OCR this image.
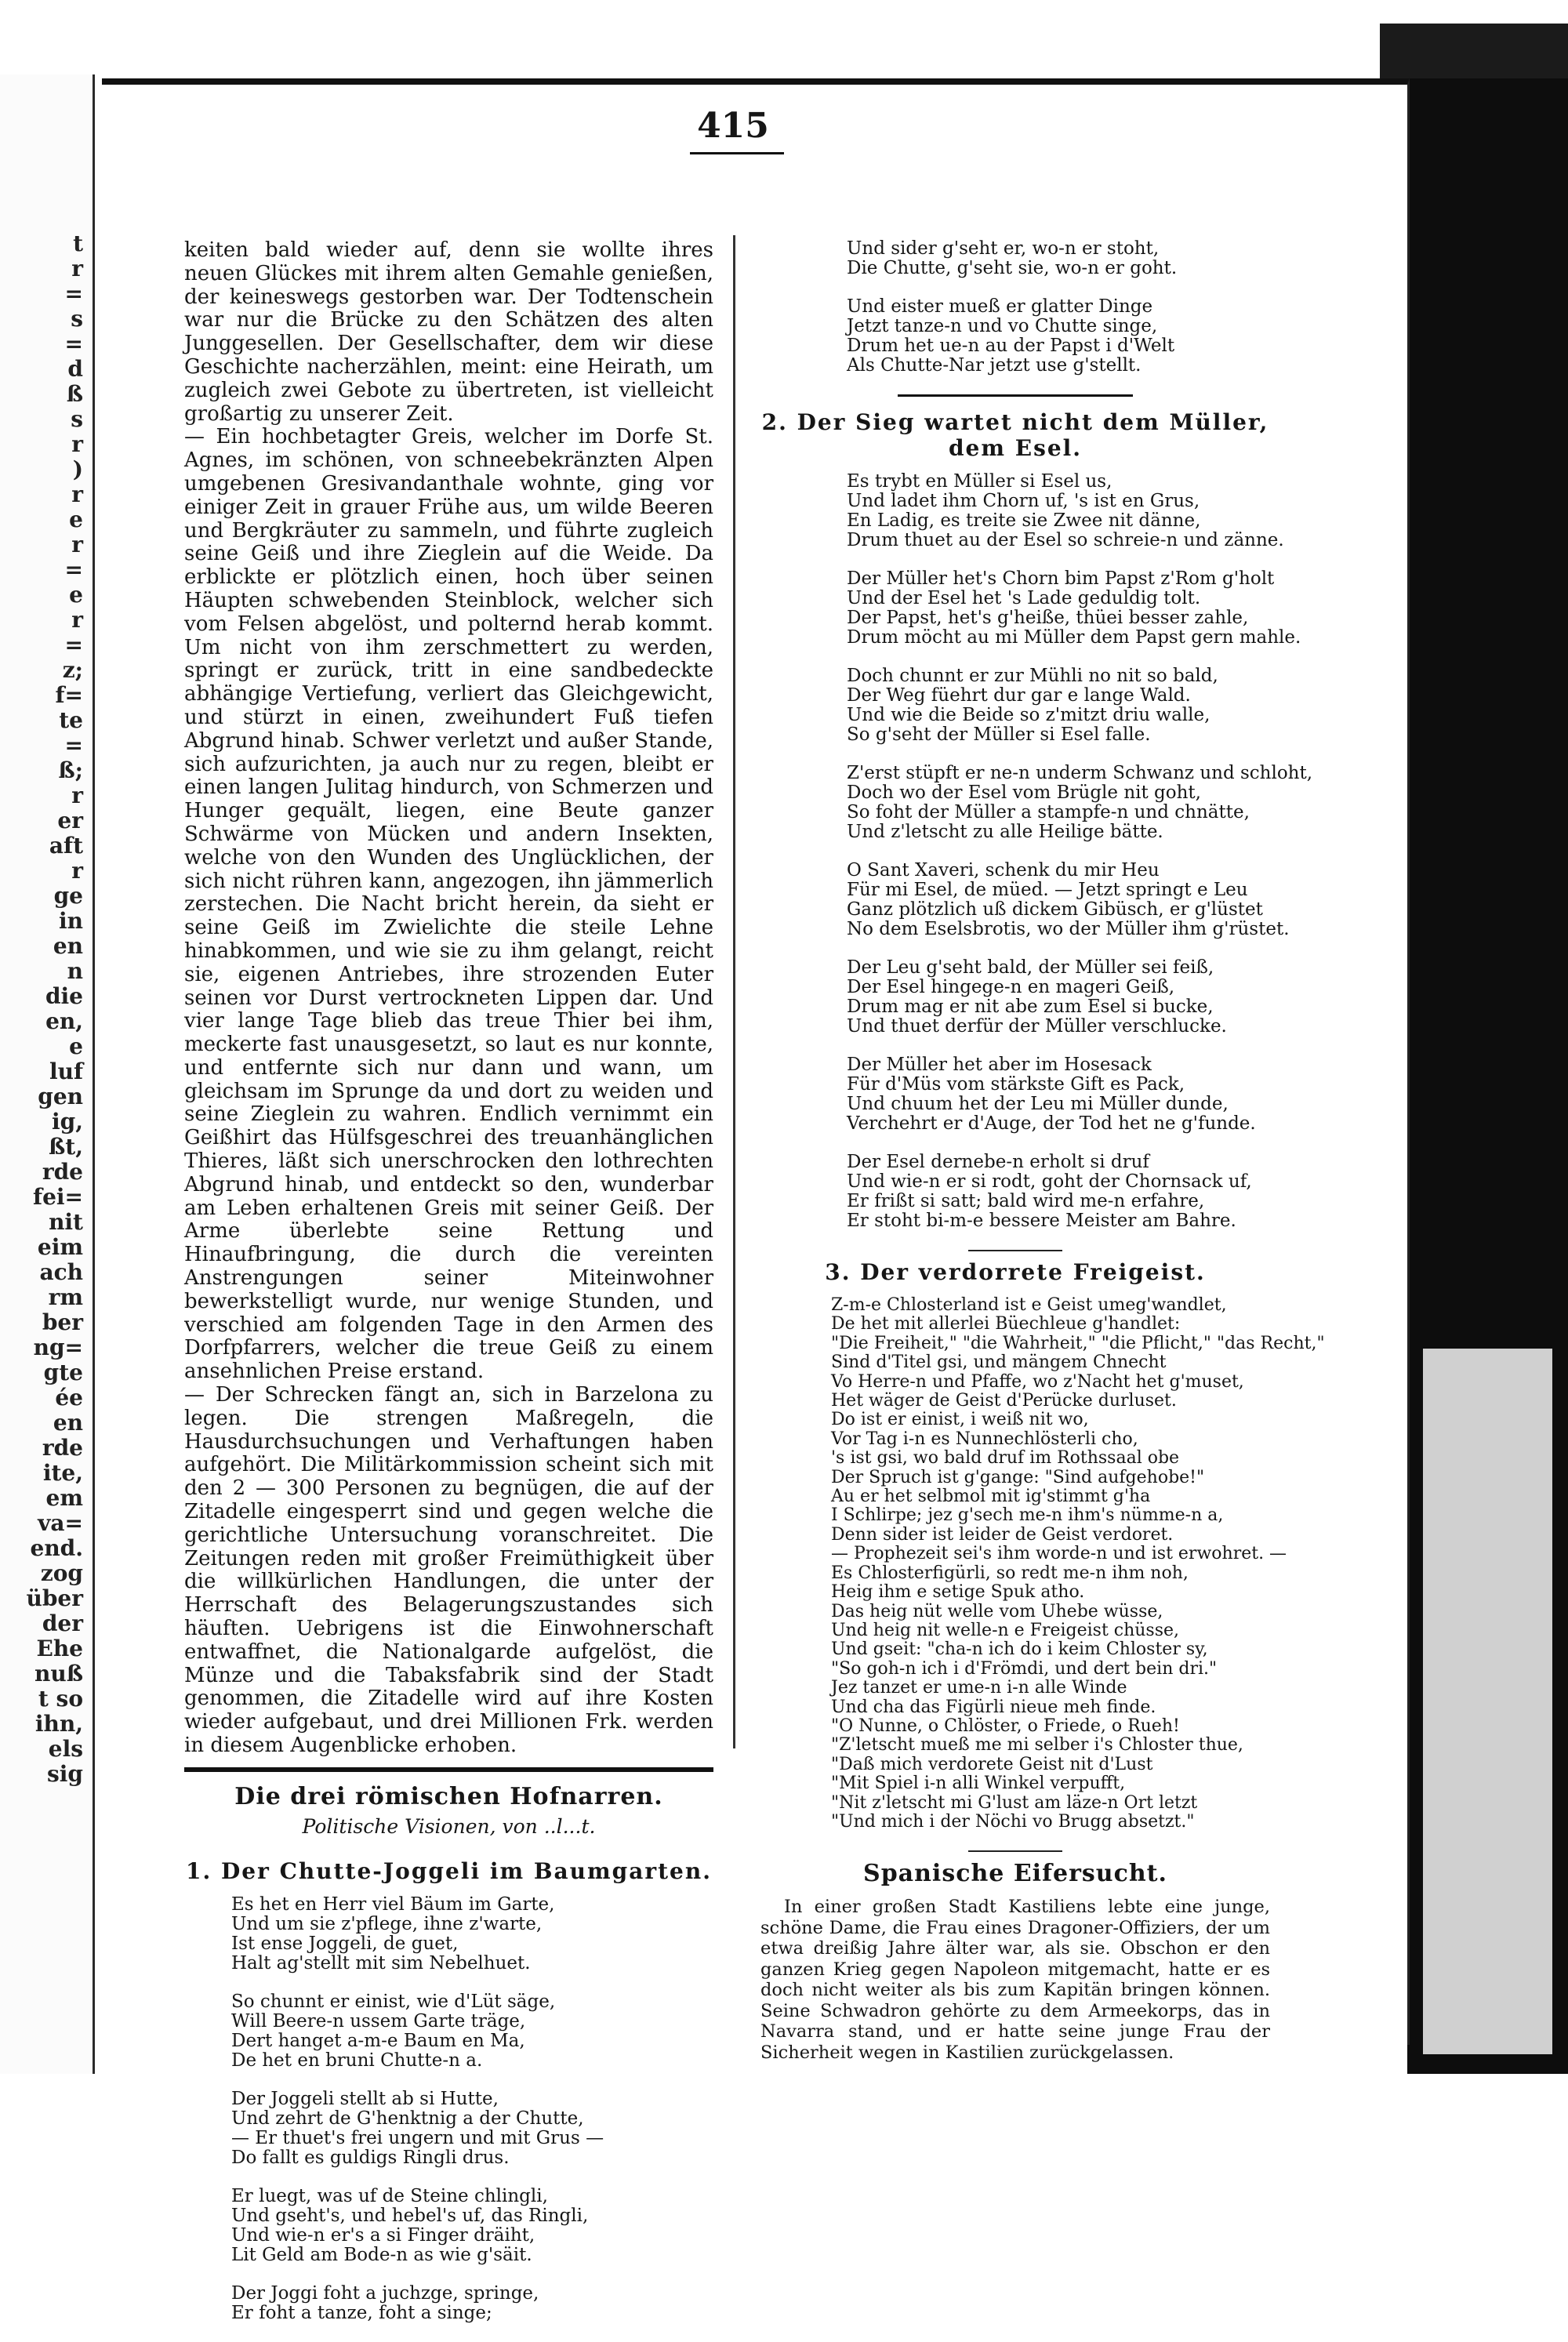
t
r
=
s
=
d
ß
s
r
)
r
e
r
=
e
r
=
z;
f=
te
=
ß;
r
er
aft
r
ge
in
en
n
die
en,
e
luf
gen
ig,
ßt,
rde
fei=
nit
eim
ach
rm
ber
ng=
gte
ée
en
rde
ite,
em
va=
end.
zog
über
der
Ehe
nuß
t so
ihn,
els
sig
415

keiten bald wieder auf, denn sie wollte ihres neuen Glückes mit ihrem alten Gemahle genießen, der keineswegs gestorben war. Der Todtenschein war nur die Brücke zu den Schätzen des alten Junggesellen. Der Gesellschafter, dem wir diese Geschichte nacherzählen, meint: eine Heirath, um zugleich zwei Gebote zu übertreten, ist vielleicht großartig zu unserer Zeit.

— Ein hochbetagter Greis, welcher im Dorfe St. Agnes, im schönen, von schneebekränzten Alpen umgebenen Gresivandanthale wohnte, ging vor einiger Zeit in grauer Frühe aus, um wilde Beeren und Bergkräuter zu sammeln, und führte zugleich seine Geiß und ihre Zieglein auf die Weide. Da erblickte er plötzlich einen, hoch über seinen Häupten schwebenden Steinblock, welcher sich vom Felsen abgelöst, und polternd herab kommt. Um nicht von ihm zerschmettert zu werden, springt er zurück, tritt in eine sandbedeckte abhängige Vertiefung, verliert das Gleichgewicht, und stürzt in einen, zweihundert Fuß tiefen Abgrund hinab. Schwer verletzt und außer Stande, sich aufzurichten, ja auch nur zu regen, bleibt er einen langen Julitag hindurch, von Schmerzen und Hunger gequält, liegen, eine Beute ganzer Schwärme von Mücken und andern Insekten, welche von den Wunden des Unglücklichen, der sich nicht rühren kann, angezogen, ihn jämmerlich zerstechen. Die Nacht bricht herein, da sieht er seine Geiß im Zwielichte die steile Lehne hinabkommen, und wie sie zu ihm gelangt, reicht sie, eigenen Antriebes, ihre strozenden Euter seinen vor Durst vertrockneten Lippen dar. Und vier lange Tage blieb das treue Thier bei ihm, meckerte fast unausgesetzt, so laut es nur konnte, und entfernte sich nur dann und wann, um gleichsam im Sprunge da und dort zu weiden und seine Zieglein zu wahren. Endlich vernimmt ein Geißhirt das Hülfsgeschrei des treuanhänglichen Thieres, läßt sich unerschrocken den lothrechten Abgrund hinab, und entdeckt so den, wunderbar am Leben erhaltenen Greis mit seiner Geiß. Der Arme überlebte seine Rettung und Hinaufbringung, die durch die vereinten Anstrengungen seiner Miteinwohner bewerkstelligt wurde, nur wenige Stunden, und verschied am folgenden Tage in den Armen des Dorfpfarrers, welcher die treue Geiß zu einem ansehnlichen Preise erstand.

— Der Schrecken fängt an, sich in Barzelona zu legen. Die strengen Maßregeln, die Hausdurchsuchungen und Verhaftungen haben aufgehört. Die Militärkommission scheint sich mit den 2 — 300 Personen zu begnügen, die auf der Zitadelle eingesperrt sind und gegen welche die gerichtliche Untersuchung voranschreitet. Die Zeitungen reden mit großer Freimüthigkeit über die willkürlichen Handlungen, die unter der Herrschaft des Belagerungszustandes sich häuften. Uebrigens ist die Einwohnerschaft entwaffnet, die Nationalgarde aufgelöst, die Münze und die Tabaksfabrik sind der Stadt genommen, die Zitadelle wird auf ihre Kosten wieder aufgebaut, und drei Millionen Frk. werden in diesem Augenblicke erhoben.

Die drei römischen Hofnarren.

Politische Visionen, von ..l...t.

1. Der Chutte-Joggeli im Baumgarten.

Es het en Herr viel Bäum im Garte,
Und um sie z'pflege, ihne z'warte,
Ist ense Joggeli, de guet,
Halt ag'stellt mit sim Nebelhuet.
So chunnt er einist, wie d'Lüt säge,
Will Beere-n ussem Garte träge,
Dert hanget a-m-e Baum en Ma,
De het en bruni Chutte-n a.
Der Joggeli stellt ab si Hutte,
Und zehrt de G'henktnig a der Chutte,
— Er thuet's frei ungern und mit Grus —
Do fallt es guldigs Ringli drus.
Er luegt, was uf de Steine chlingli,
Und gseht's, und hebel's uf, das Ringli,
Und wie-n er's a si Finger dräiht,
Lit Geld am Bode-n as wie g'säit.
Der Joggi foht a juchzge, springe,
Er foht a tanze, foht a singe;
Und sider g'seht er, wo-n er stoht,
Die Chutte, g'seht sie, wo-n er goht.
Und eister mueß er glatter Dinge
Jetzt tanze-n und vo Chutte singe,
Drum het ue-n au der Papst i d'Welt
Als Chutte-Nar jetzt use g'stellt.

2. Der Sieg wartet nicht dem Müller, dem Esel.

Es trybt en Müller si Esel us,
Und ladet ihm Chorn uf, 's ist en Grus,
En Ladig, es treite sie Zwee nit dänne,
Drum thuet au der Esel so schreie-n und zänne.
Der Müller het's Chorn bim Papst z'Rom g'holt
Und der Esel het 's Lade geduldig tolt.
Der Papst, het's g'heiße, thüei besser zahle,
Drum möcht au mi Müller dem Papst gern mahle.
Doch chunnt er zur Mühli no nit so bald,
Der Weg füehrt dur gar e lange Wald.
Und wie die Beide so z'mitzt driu walle,
So g'seht der Müller si Esel falle.
Z'erst stüpft er ne-n underm Schwanz und schloht,
Doch wo der Esel vom Brügle nit goht,
So foht der Müller a stampfe-n und chnätte,
Und z'letscht zu alle Heilige bätte.
O Sant Xaveri, schenk du mir Heu
Für mi Esel, de müed. — Jetzt springt e Leu
Ganz plötzlich uß dickem Gibüsch, er g'lüstet
No dem Eselsbrotis, wo der Müller ihm g'rüstet.
Der Leu g'seht bald, der Müller sei feiß,
Der Esel hingege-n en mageri Geiß,
Drum mag er nit abe zum Esel si bucke,
Und thuet derfür der Müller verschlucke.
Der Müller het aber im Hosesack
Für d'Müs vom stärkste Gift es Pack,
Und chuum het der Leu mi Müller dunde,
Verchehrt er d'Auge, der Tod het ne g'funde.
Der Esel dernebe-n erholt si druf
Und wie-n er si rodt, goht der Chornsack uf,
Er frißt si satt; bald wird me-n erfahre,
Er stoht bi-m-e bessere Meister am Bahre.

3. Der verdorrete Freigeist.

Z-m-e Chlosterland ist e Geist umeg'wandlet,
De het mit allerlei Büechleue g'handlet:
"Die Freiheit," "die Wahrheit," "die Pflicht," "das Recht,"
Sind d'Titel gsi, und mängem Chnecht
Vo Herre-n und Pfaffe, wo z'Nacht het g'muset,
Het wäger de Geist d'Perücke durluset.
Do ist er einist, i weiß nit wo,
Vor Tag i-n es Nunnechlösterli cho,
's ist gsi, wo bald druf im Rothssaal obe
Der Spruch ist g'gange: "Sind aufgehobe!"
Au er het selbmol mit ig'stimmt g'ha
I Schlirpe; jez g'sech me-n ihm's nümme-n a,
Denn sider ist leider de Geist verdoret.
— Prophezeit sei's ihm worde-n und ist erwohret. —
Es Chlosterfigürli, so redt me-n ihm noh,
Heig ihm e setige Spuk atho.
Das heig nüt welle vom Uhebe wüsse,
Und heig nit welle-n e Freigeist chüsse,
Und gseit: "cha-n ich do i keim Chloster sy,
"So goh-n ich i d'Frömdi, und dert bein dri."
Jez tanzet er ume-n i-n alle Winde
Und cha das Figürli nieue meh finde.
"O Nunne, o Chlöster, o Friede, o Rueh!
"Z'letscht mueß me mi selber i's Chloster thue,
"Daß mich verdorete Geist nit d'Lust
"Mit Spiel i-n alli Winkel verpufft,
"Nit z'letscht mi G'lust am läze-n Ort letzt
"Und mich i der Nöchi vo Brugg absetzt."

Spanische Eifersucht.

In einer großen Stadt Kastiliens lebte eine junge, schöne Dame, die Frau eines Dragoner-Offiziers, der um etwa dreißig Jahre älter war, als sie. Obschon er den ganzen Krieg gegen Napoleon mitgemacht, hatte er es doch nicht weiter als bis zum Kapitän bringen können. Seine Schwadron gehörte zu dem Armeekorps, das in Navarra stand, und er hatte seine junge Frau der Sicherheit wegen in Kastilien zurückgelassen.
